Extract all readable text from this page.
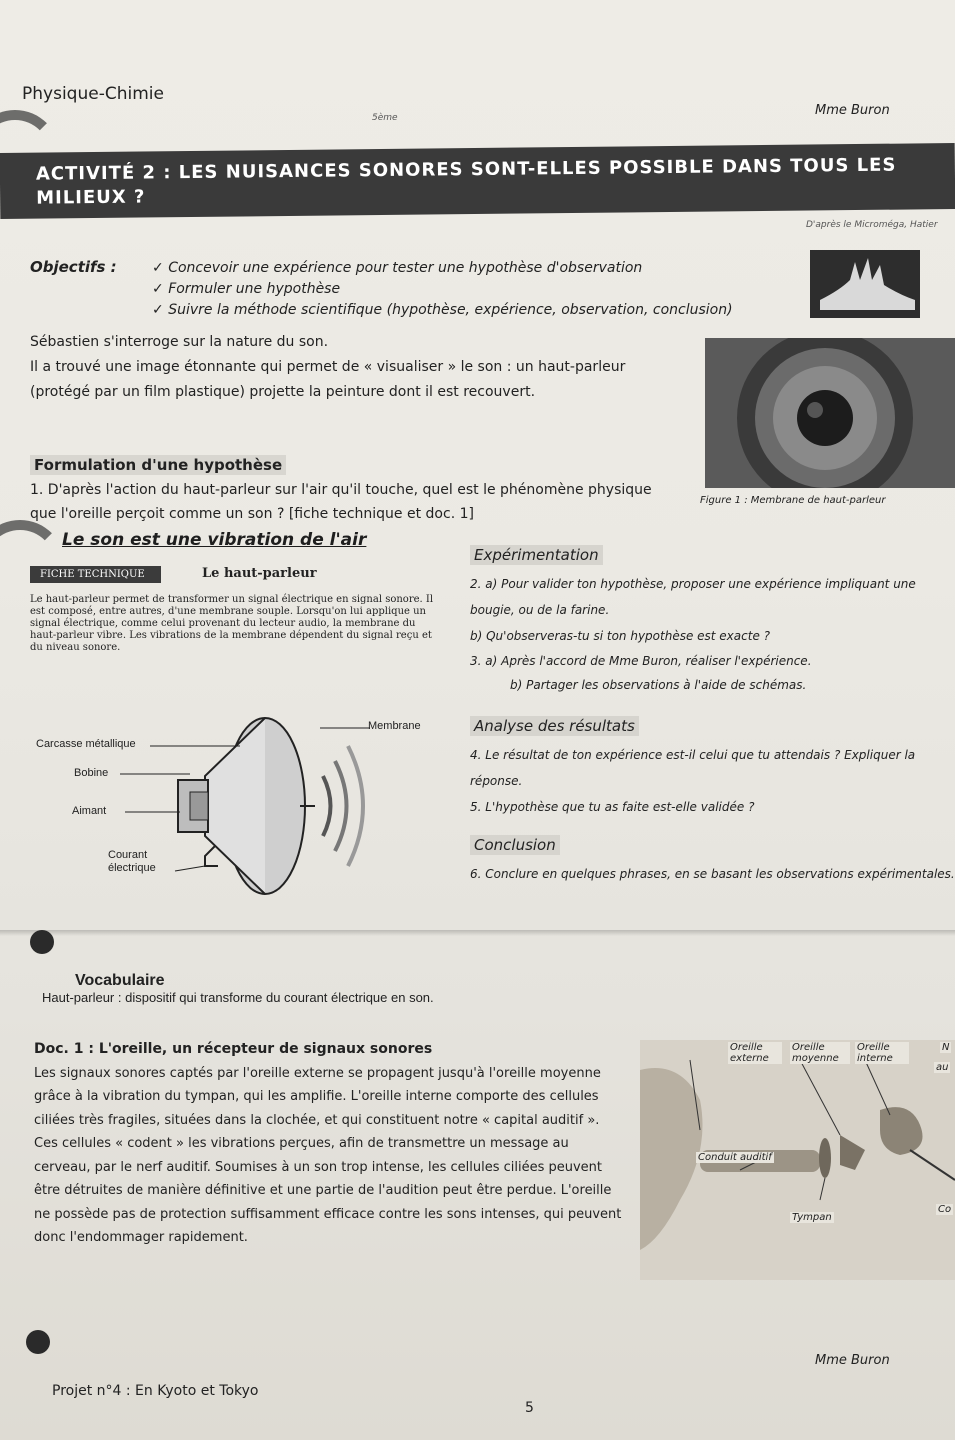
Physique-Chimie
5ème	Mme Buron
ACTIVITÉ 2 : LES NUISANCES SONORES SONT-ELLES POSSIBLE DANS TOUS LES MILIEUX ?
D'après le Microméga, Hatier
Objectifs :
✓	Concevoir une expérience pour tester une hypothèse d'observation
✓ Formuler une hypothèse
✓ Suivre la méthode scientifique (hypothèse, expérience, observation, conclusion)
Sébastien s'interroge sur la nature du son.
Il a trouvé une image étonnante qui permet de « visualiser » le son : un haut-parleur (protégé par un film plastique) projette la peinture dont il est recouvert.
Figure 1 : Membrane de haut-parleur
Formulation d'une hypothèse
1. D'après l'action du haut-parleur sur l'air qu'il touche, quel est le phénomène physique que l'oreille perçoit comme un son ? [fiche technique et doc. 1]
Le son est une vibration de l'air
FICHE TECHNIQUE	Le haut-parleur
Le haut-parleur permet de transformer un signal électrique en signal sonore. Il est composé, entre autres, d'une membrane souple. Lorsqu'on lui applique un signal électrique, comme celui provenant du lecteur audio, la membrane du haut-parleur vibre. Les vibrations de la membrane dépendent du signal reçu et du niveau sonore.
Carcasse métallique
Membrane
Bobine
Aimant
Courant électrique
Expérimentation
2. a) Pour valider ton hypothèse, proposer une expérience impliquant une bougie, ou de la farine.
b) Qu'observeras-tu si ton hypothèse est exacte ?
3. a) Après l'accord de Mme Buron, réaliser l'expérience.
b) Partager les observations à l'aide de schémas.
Analyse des résultats
4. Le résultat de ton expérience est-il celui que tu attendais ? Expliquer la réponse.
5. L'hypothèse que tu as faite est-elle validée ?
Conclusion
6. Conclure en quelques phrases, en se basant les observations expérimentales.
Vocabulaire
Haut-parleur : dispositif qui transforme du courant électrique en son.
Doc. 1 : L'oreille, un récepteur de signaux sonores
Les signaux sonores captés par l'oreille externe se propagent jusqu'à l'oreille moyenne grâce à la vibration du tympan, qui les amplifie. L'oreille interne comporte des cellules ciliées très fragiles, situées dans la clochée, et qui constituent notre « capital auditif ». Ces cellules « codent » les vibrations perçues, afin de transmettre un message au cerveau, par le nerf auditif. Soumises à un son trop intense, les cellules ciliées peuvent être détruites de manière définitive et une partie de l'audition peut être perdue. L'oreille ne possède pas de protection suffisamment efficace contre les sons intenses, qui peuvent donc l'endommager rapidement.
Oreille externe
Oreille moyenne
Oreille interne
Conduit auditif
Tympan
N
au
Co
Mme Buron
Projet n°4 : En Kyoto et Tokyo
5
